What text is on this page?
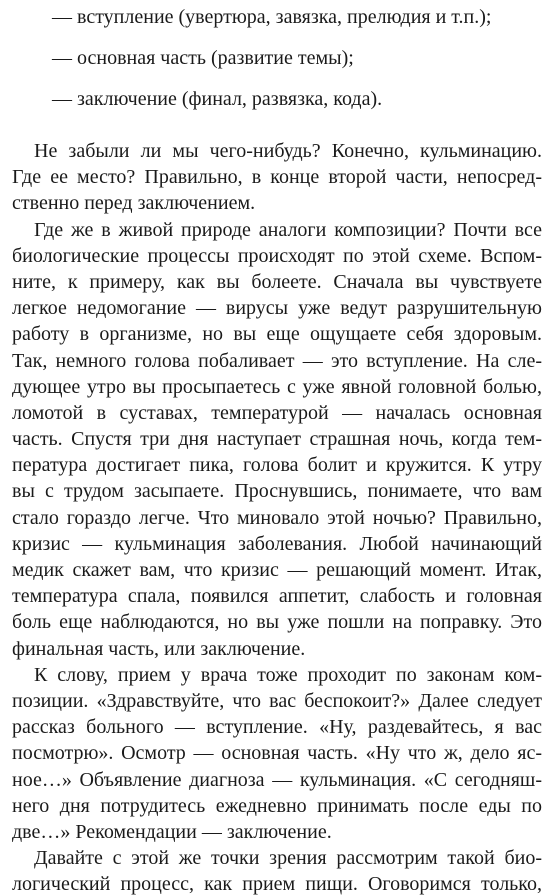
— вступление (увертюра, завязка, прелюдия и т.п.);
— основная часть (развитие темы);
— заключение (финал, развязка, кода).
Не забыли ли мы чего-нибудь? Конечно, кульминацию.
Где ее место? Правильно, в конце второй части, непосред-
ственно перед заключением.
Где же в живой природе аналоги композиции? Почти все
биологические процессы происходят по этой схеме. Вспом-
ните, к примеру, как вы болеете. Сначала вы чувствуете
легкое недомогание — вирусы уже ведут разрушительную
работу в организме, но вы еще ощущаете себя здоровым.
Так, немного голова побаливает — это вступление. На сле-
дующее утро вы просыпаетесь с уже явной головной болью,
ломотой в суставах, температурой — началась основная
часть. Спустя три дня наступает страшная ночь, когда тем-
пература достигает пика, голова болит и кружится. К утру
вы с трудом засыпаете. Проснувшись, понимаете, что вам
стало гораздо легче. Что миновало этой ночью? Правильно,
кризис — кульминация заболевания. Любой начинающий
медик скажет вам, что кризис — решающий момент. Итак,
температура спала, появился аппетит, слабость и головная
боль еще наблюдаются, но вы уже пошли на поправку. Это
финальная часть, или заключение.
К слову, прием у врача тоже проходит по законам ком-
позиции. «Здравствуйте, что вас беспокоит?» Далее следует
рассказ больного — вступление. «Ну, раздевайтесь, я вас
посмотрю». Осмотр — основная часть. «Ну что ж, дело яс-
ное…» Объявление диагноза — кульминация. «С сегодняш-
него дня потрудитесь ежедневно принимать после еды по
две…» Рекомендации — заключение.
Давайте с этой же точки зрения рассмотрим такой био-
логический процесс, как прием пищи. Оговоримся только,
